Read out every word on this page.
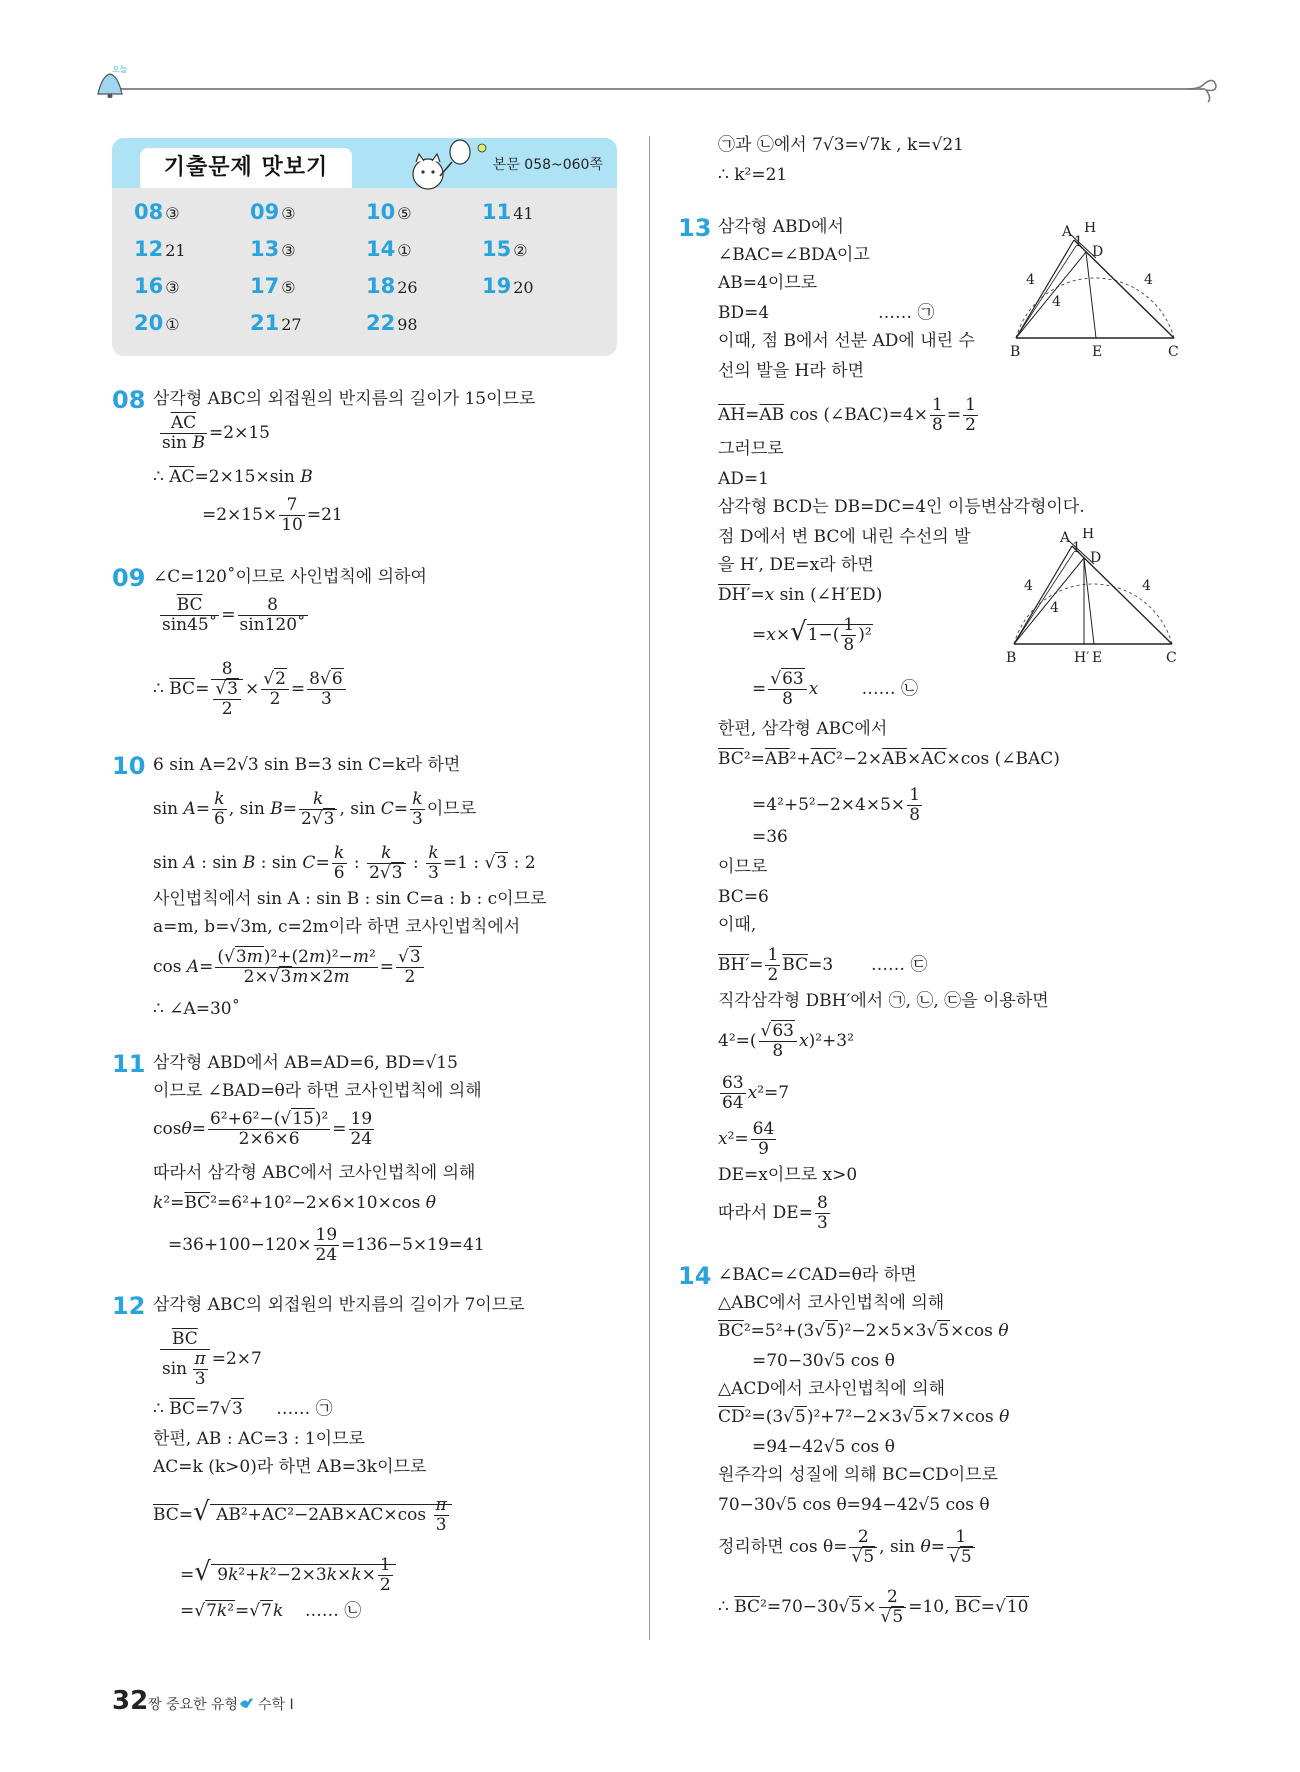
오늘
기출문제 맛보기	본문 058~060쪽
08 ③	09 ③	10 ⑤	11 41
12 21	13 ③	14 ①	15 ②
16 ③	17 ⑤	18 26	19 20
20 ①	21 27	22 98
08 삼각형 ABC의 외접원의 반지름의 길이가 15이므로
$\frac{\overline{AC}}{\text{sin B}} =2\times 15$
∴ $\overline{AC}=2\times 15\times\sin$ B
$=2\times 15\times \frac{7}{10} =21$
09 ∠C=120˚이므로 사인법칙에 의하여
$\frac{\overline{BC}}{\sin 45˚} = \frac{8}{\sin 120˚}$
∴ $\overline{BC}= \frac{8}{\frac{√3}{2}} \times \frac{√2}{2} = \frac{8√6}{3}$
10 6 sin A=2√3 sin B=3 sin C=k라 하면
$\sin A= \frac{k}{6}$ , $\sin B= \frac{k}{2√3}$ , $\sin C= \frac{k}{3}$ 이므로
sin A : sin B : $\sin C= \frac{k}{6}$ : $\frac{k}{2√3}$ : $\frac{k}{3} =1$ : √3 : 2
사인법칙에서 sin A : sin B : sin C=a : b : c이므로
a=m, b=√3m, c=2m이라 하면 코사인법칙에서
$\cos A= \frac{\text{(√3m)²+(2m)²−m²}}{2\times√3m\times 2m} = \frac{√3}{2}$
∴ ∠A=30˚
11 삼각형 ABD에서 AB=AD=6, BD=√15
이므로 ∠BAD=θ라 하면 코사인법칙에 의해
$\cos\theta= \frac{\text{6²+6²−(√15)²}}{2\times 6\times 6} = \frac{19}{24}$
따라서 삼각형 ABC에서 코사인법칙에 의해
$k^2=\overline{BC}^2=6^2+10^2-2\times 6\times 10\times\cos$ θ
$=36+100-120\times \frac{19}{24} =136-5\times 19=41$
12 삼각형 ABC의 외접원의 반지름의 길이가 7이므로
$\frac{\overline{BC}}{\sin \frac{\pi}{3}} =2\times 7$
∴ $\overline{BC}=7√3$      …… ㉠
한편, AB : AC=3 : 1이므로
AC=k (k>0)라 하면 AB=3k이므로
$\overline{BC}=√$ $AB^2+\overline{AC}^2-2\overline{AB}\times\overline{AC}\times\cos \frac{\pi}{3}$
=√ $9k^2+k^2-2\times 3k\times k\times \frac{1}{2}$
=√7k²=√7k    …… ㉡
㉠과 ㉡에서 7√3=√7k , k=√21
∴ k²=21
13 삼각형 ABD에서
∠BAC=∠BDA이고
AB=4이므로
BD=4	…… ㉠
이때, 점 B에서 선분 AD에 내린 수
선의 발을 H라 하면
$\overline{AH}=\overline{AB}$ cos (∠BAC)=4× $\frac{1}{8} = \frac{1}{2}$
그러므로
AD=1
삼각형 BCD는 DB=DC=4인 이등변삼각형이다.
점 D에서 변 BC에 내린 수선의 발
을 H′, DE=x라 하면
DH′=x sin (∠H′ED)
$=x\times√1-( \frac{1}{8} )^2$
= $\frac{√63}{8}$ x	…… ㉡
한편, 삼각형 ABC에서
$\overline{BC}^2=\overline{AB}^2+\overline{AC}^2-2\times\overline{AB}\times\overline{AC}\times\cos$ (∠BAC)
$=4^2+5^2-2\times 4\times 5\times \frac{1}{8}$
=36
이므로
BC=6
이때,
$BH'= \frac{1}{2} \overline{BC}=3$       …… ㉢
직각삼각형 DBH′에서 ㉠, ㉡, ㉢을 이용하면
$4^2=( \frac{√63}{8} x)^2+3^2$
$\frac{63}{64} x^2=7$
$x^2= \frac{64}{9}$
DE=x이므로 x>0
따라서 $DE= \frac{8}{3}$
B	C
E
A H
D
1
4	4
4
B	C
H′ E
A H
D
1
4	4
4
14 ∠BAC=∠CAD=θ라 하면
△ABC에서 코사인법칙에 의해
$\overline{BC}^2=5^2+(3√5)^2-2\times 5\times 3√5\times\cos$ θ
=70−30√5 cos θ
△ACD에서 코사인법칙에 의해
$\overline{CD}^2=(3√5)^2+7^2-2\times 3√5\times 7\times\cos$ θ
=94−42√5 cos θ
원주각의 성질에 의해 BC=CD이므로
70−30√5 cos θ=94−42√5 cos θ
정리하면 $\cos \theta= \frac{2}{√5}$ , $\sin \theta= \frac{1}{√5}$
∴ $\overline{BC}^2=70-30√5\times \frac{2}{√5} =10$, $\overline{BC}=√10$
32 짱 중요한 유형 수학 I
